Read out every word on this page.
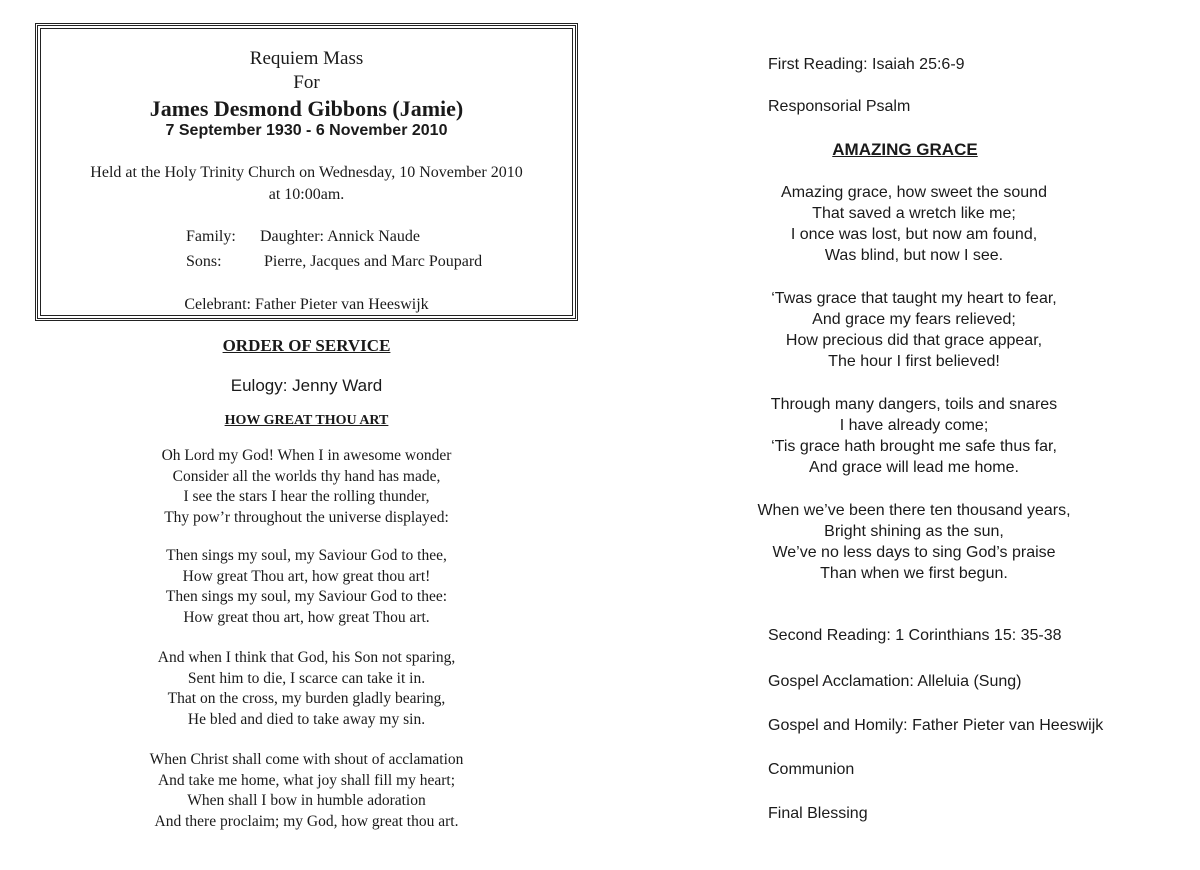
Requiem Mass
For
James Desmond Gibbons (Jamie)
7 September 1930 - 6 November 2010
Held at the Holy Trinity Church on Wednesday, 10 November 2010
at 10:00am.
Family: Daughter: Annick Naude
Sons:	Pierre, Jacques and Marc Poupard
Celebrant: Father Pieter van Heeswijk
ORDER OF SERVICE
Eulogy: Jenny Ward
HOW GREAT THOU ART
Oh Lord my God! When I in awesome wonder
Consider all the worlds thy hand has made,
I see the stars I hear the rolling thunder,
Thy pow’r throughout the universe displayed:
Then sings my soul, my Saviour God to thee,
How great Thou art, how great thou art!
Then sings my soul, my Saviour God to thee:
How great thou art, how great Thou art.
And when I think that God, his Son not sparing,
Sent him to die, I scarce can take it in.
That on the cross, my burden gladly bearing,
He bled and died to take away my sin.
When Christ shall come with shout of acclamation
And take me home, what joy shall fill my heart;
When shall I bow in humble adoration
And there proclaim; my God, how great thou art.
First Reading: Isaiah 25:6-9
Responsorial Psalm
AMAZING GRACE
Amazing grace, how sweet the sound
That saved a wretch like me;
I once was lost, but now am found,
Was blind, but now I see.
‘Twas grace that taught my heart to fear,
And grace my fears relieved;
How precious did that grace appear,
The hour I first believed!
Through many dangers, toils and snares
I have already come;
‘Tis grace hath brought me safe thus far,
And grace will lead me home.
When we’ve been there ten thousand years,
Bright shining as the sun,
We’ve no less days to sing God’s praise
Than when we first begun.
Second Reading: 1 Corinthians 15: 35-38
Gospel Acclamation: Alleluia (Sung)
Gospel and Homily: Father Pieter van Heeswijk
Communion
Final Blessing
